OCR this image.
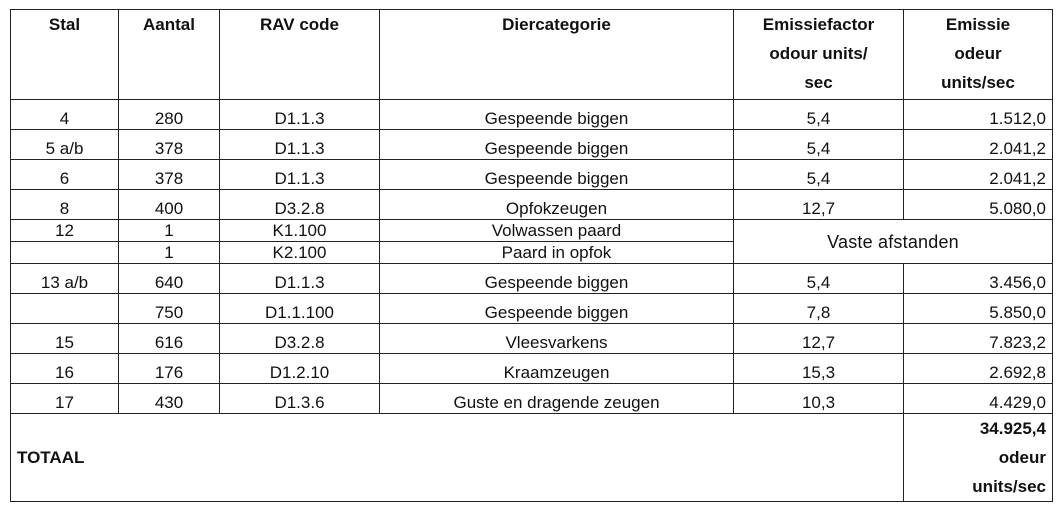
Stal	Aantal	RAV code	Diercategorie	Emissiefactor
odour units/
sec	Emissie
odeur
units/sec

4	280	D1.1.3	Gespeende biggen	5,4	1.512,0
5 a/b	378	D1.1.3	Gespeende biggen	5,4	2.041,2
6	378	D1.1.3	Gespeende biggen	5,4	2.041,2
8	400	D3.2.8	Opfokzeugen	12,7	5.080,0
12	1	K1.100	Volwassen paard	Vaste afstanden	
	1	K2.100	Paard in opfok		
13 a/b	640	D1.1.3	Gespeende biggen	5,4	3.456,0
	750	D1.1.100	Gespeende biggen	7,8	5.850,0
15	616	D3.2.8	Vleesvarkens	12,7	7.823,2
16	176	D1.2.10	Kraamzeugen	15,3	2.692,8
17	430	D1.3.6	Guste en dragende zeugen	10,3	4.429,0
TOTAAL					34.925,4
odeur
units/sec
